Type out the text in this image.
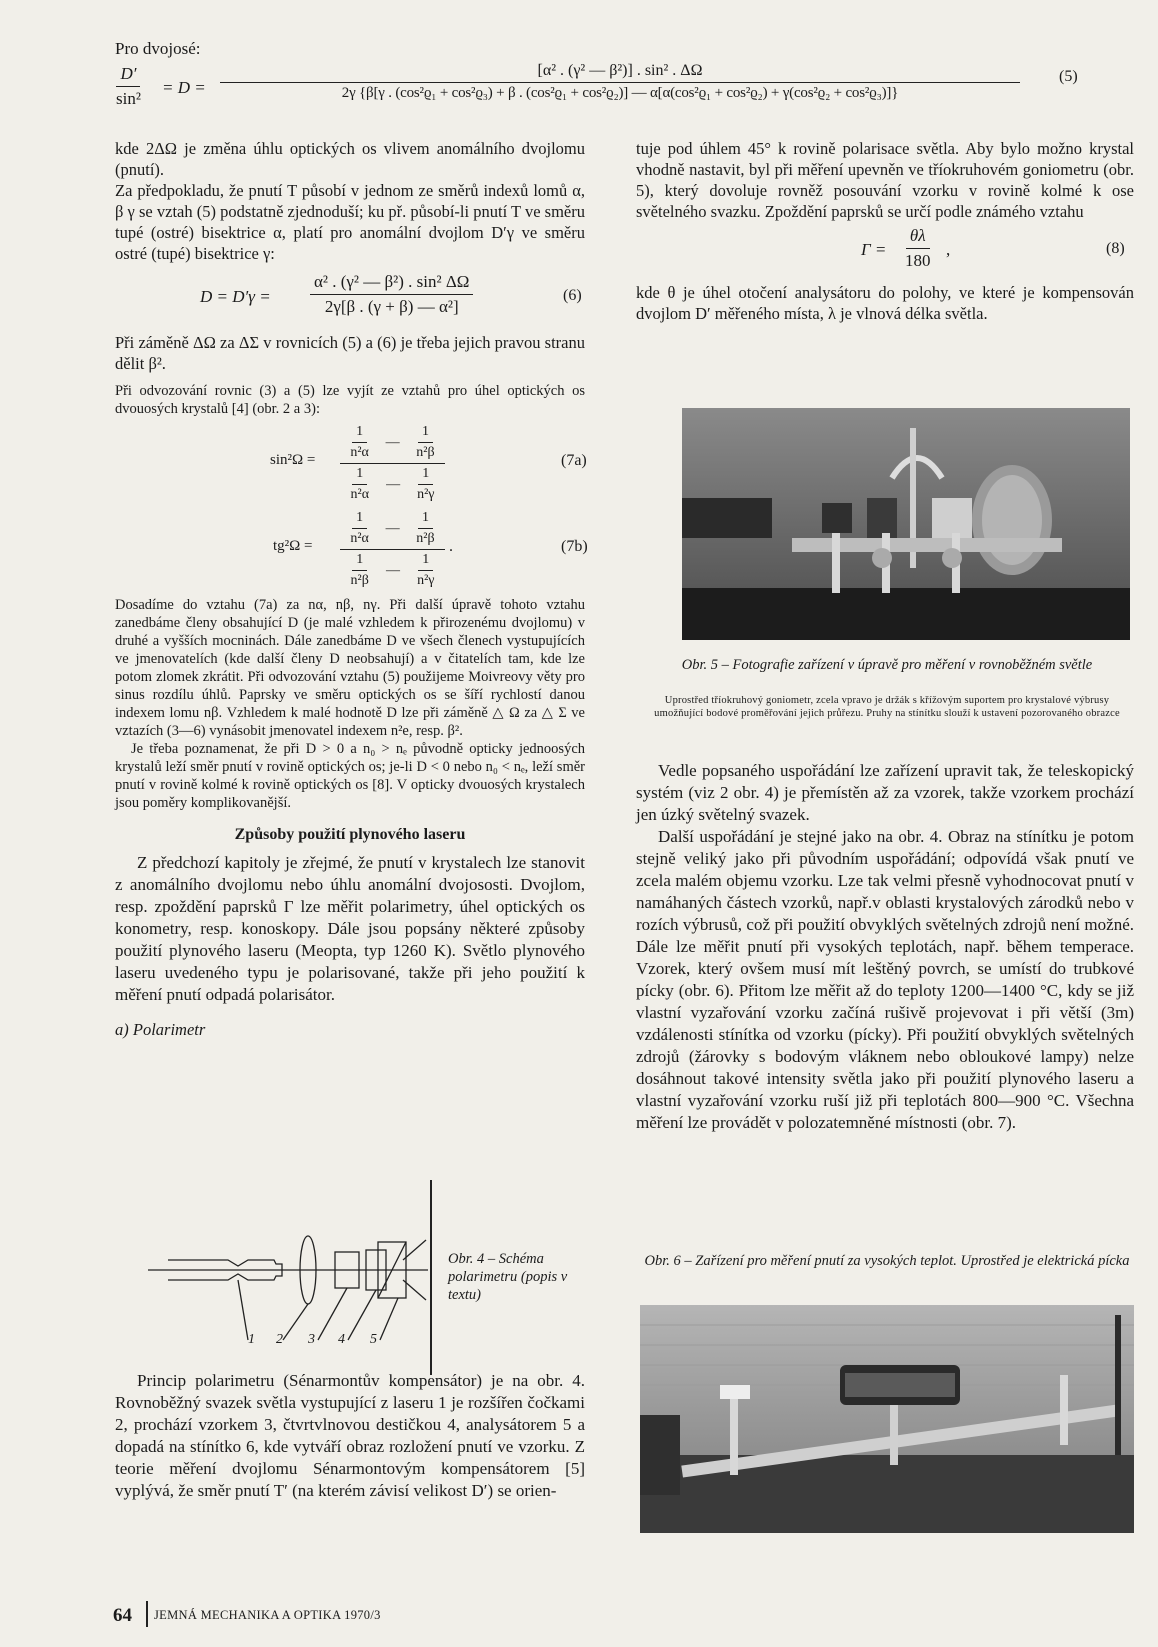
Pro dvojosé:
$\frac{D'}{\text{sin²}} = D$ =
[α² . (γ² — β²)] . sin² . ΔΩ
2γ {β[γ . (cos²ϱ₁ + cos²ϱ₃) + β . (cos²ϱ₁ + cos²ϱ₂)] — α[α(cos²ϱ₁ + cos²ϱ₂) + γ(cos²ϱ₂ + cos²ϱ₃)]}
(5)

kde 2ΔΩ je změna úhlu optických os vlivem anomálního dvojlomu (pnutí).

Za předpokladu, že pnutí T působí v jednom ze směrů indexů lomů α, β γ se vztah (5) podstatně zjednoduší; ku př. působí-li pnutí T ve směru tupé (ostré) bisektrice α, platí pro anomální dvojlom D′γ ve směru ostré (tupé) bisektrice γ:

$D = D'\gamma = \frac{\text{α² . (γ² — β²) . sin² ΔΩ}}{\text{2γ[β . (γ + β) — α²]}}$	(6)

Při záměně ΔΩ za ΔΣ v rovnicích (5) a (6) je třeba jejich pravou stranu dělit β².

Při odvozování rovnic (3) a (5) lze vyjít ze vztahů pro úhel optických os dvouosých krystalů [4] (obr. 2 a 3):

$\sin^2\Omega = \frac{\frac{1}{\text{n²α}} — \frac{1}{\text{n²β}}}{\frac{1}{\text{n²α}} — \frac{1}{\text{n²γ}}}$	(7a)
$tg^2\Omega = \frac{\frac{1}{\text{n²α}} — \frac{1}{\text{n²β}}}{\frac{1}{\text{n²β}} — \frac{1}{\text{n²γ}}}$ .	(7b)

Dosadíme do vztahu (7a) za nα, nβ, nγ. Při další úpravě tohoto vztahu zanedbáme členy obsahující D (je malé vzhledem k přirozenému dvojlomu) v druhé a vyšších mocninách. Dále zanedbáme D ve všech členech vystupujících ve jmenovatelích (kde další členy D neobsahují) a v čitatelích tam, kde lze potom zlomek zkrátit. Při odvozování vztahu (5) použijeme Moivreovy věty pro sinus rozdílu úhlů. Paprsky ve směru optických os se šíří rychlostí danou indexem lomu nβ. Vzhledem k malé hodnotě D lze při záměně △ Ω za △ Σ ve vztazích (3—6) vynásobit jmenovatel indexem n²e, resp. β².

Je třeba poznamenat, že při D > 0 a n₀ > nₑ původně opticky jednoosých krystalů leží směr pnutí v rovině optických os; je-li D < 0 nebo n₀ < nₑ, leží směr pnutí v rovině kolmé k rovině optických os [8]. V opticky dvouosých krystalech jsou poměry komplikovanější.

Způsoby použití plynového laseru

Z předchozí kapitoly je zřejmé, že pnutí v krystalech lze stanovit z anomálního dvojlomu nebo úhlu anomální dvojososti. Dvojlom, resp. zpoždění paprsků Γ lze měřit polarimetry, úhel optických os konometry, resp. konoskopy. Dále jsou popsány některé způsoby použití plynového laseru (Meopta, typ 1260 K). Světlo plynového laseru uvedeného typu je polarisované, takže při jeho použití k měření pnutí odpadá polarisátor.

a) Polarimetr
1 2 3 4 5
Obr. 4 – Schéma polarimetru (popis v textu)

Princip polarimetru (Sénarmontův kompensátor) je na obr. 4. Rovnoběžný svazek světla vystupující z laseru 1 je rozšířen čočkami 2, prochází vzorkem 3, čtvrtvlnovou destičkou 4, analysátorem 5 a dopadá na stínítko 6, kde vytváří obraz rozložení pnutí ve vzorku. Z teorie měření dvojlomu Sénarmontovým kompensátorem [5] vyplývá, že směr pnutí T′ (na kterém závisí velikost D′) se orien-

tuje pod úhlem 45° k rovině polarisace světla. Aby bylo možno krystal vhodně nastavit, byl při měření upevněn ve tříokruhovém goniometru (obr. 5), který dovoluje rovněž posouvání vzorku v rovině kolmé k ose světelného svazku. Zpoždění paprsků se určí podle známého vztahu

$\Gamma = \frac{\theta\lambda}{180}$ ,	(8)

kde θ je úhel otočení analysátoru do polohy, ve které je kompensován dvojlom D′ měřeného místa, λ je vlnová délka světla.

Obr. 5 – Fotografie zařízení v úpravě pro měření v rovnoběžném světle
Uprostřed tříokruhový goniometr, zcela vpravo je držák s křížovým suportem pro krystalové výbrusy umožňující bodové proměřování jejich průřezu. Pruhy na stínítku slouží k ustavení pozorovaného obrazce

Vedle popsaného uspořádání lze zařízení upravit tak, že teleskopický systém (viz 2 obr. 4) je přemístěn až za vzorek, takže vzorkem prochází jen úzký světelný svazek.

Další uspořádání je stejné jako na obr. 4. Obraz na stínítku je potom stejně veliký jako při původním uspořádání; odpovídá však pnutí ve zcela malém objemu vzorku. Lze tak velmi přesně vyhodnocovat pnutí v namáhaných částech vzorků, např.v oblasti krystalových zárodků nebo v rozích výbrusů, což při použití obvyklých světelných zdrojů není možné. Dále lze měřit pnutí při vysokých teplotách, např. během temperace. Vzorek, který ovšem musí mít leštěný povrch, se umístí do trubkové pícky (obr. 6). Přitom lze měřit až do teploty 1200—1400 °C, kdy se již vlastní vyzařování vzorku začíná rušivě projevovat i při větší (3m) vzdálenosti stínítka od vzorku (pícky). Při použití obvyklých světelných zdrojů (žárovky s bodovým vláknem nebo obloukové lampy) nelze dosáhnout takové intensity světla jako při použití plynového laseru a vlastní vyzařování vzorku ruší již při teplotách 800—900 °C. Všechna měření lze provádět v polozatemněné místnosti (obr. 7).

Obr. 6 – Zařízení pro měření pnutí za vysokých teplot. Uprostřed je elektrická pícka
64 JEMNÁ MECHANIKA A OPTIKA 1970/3
